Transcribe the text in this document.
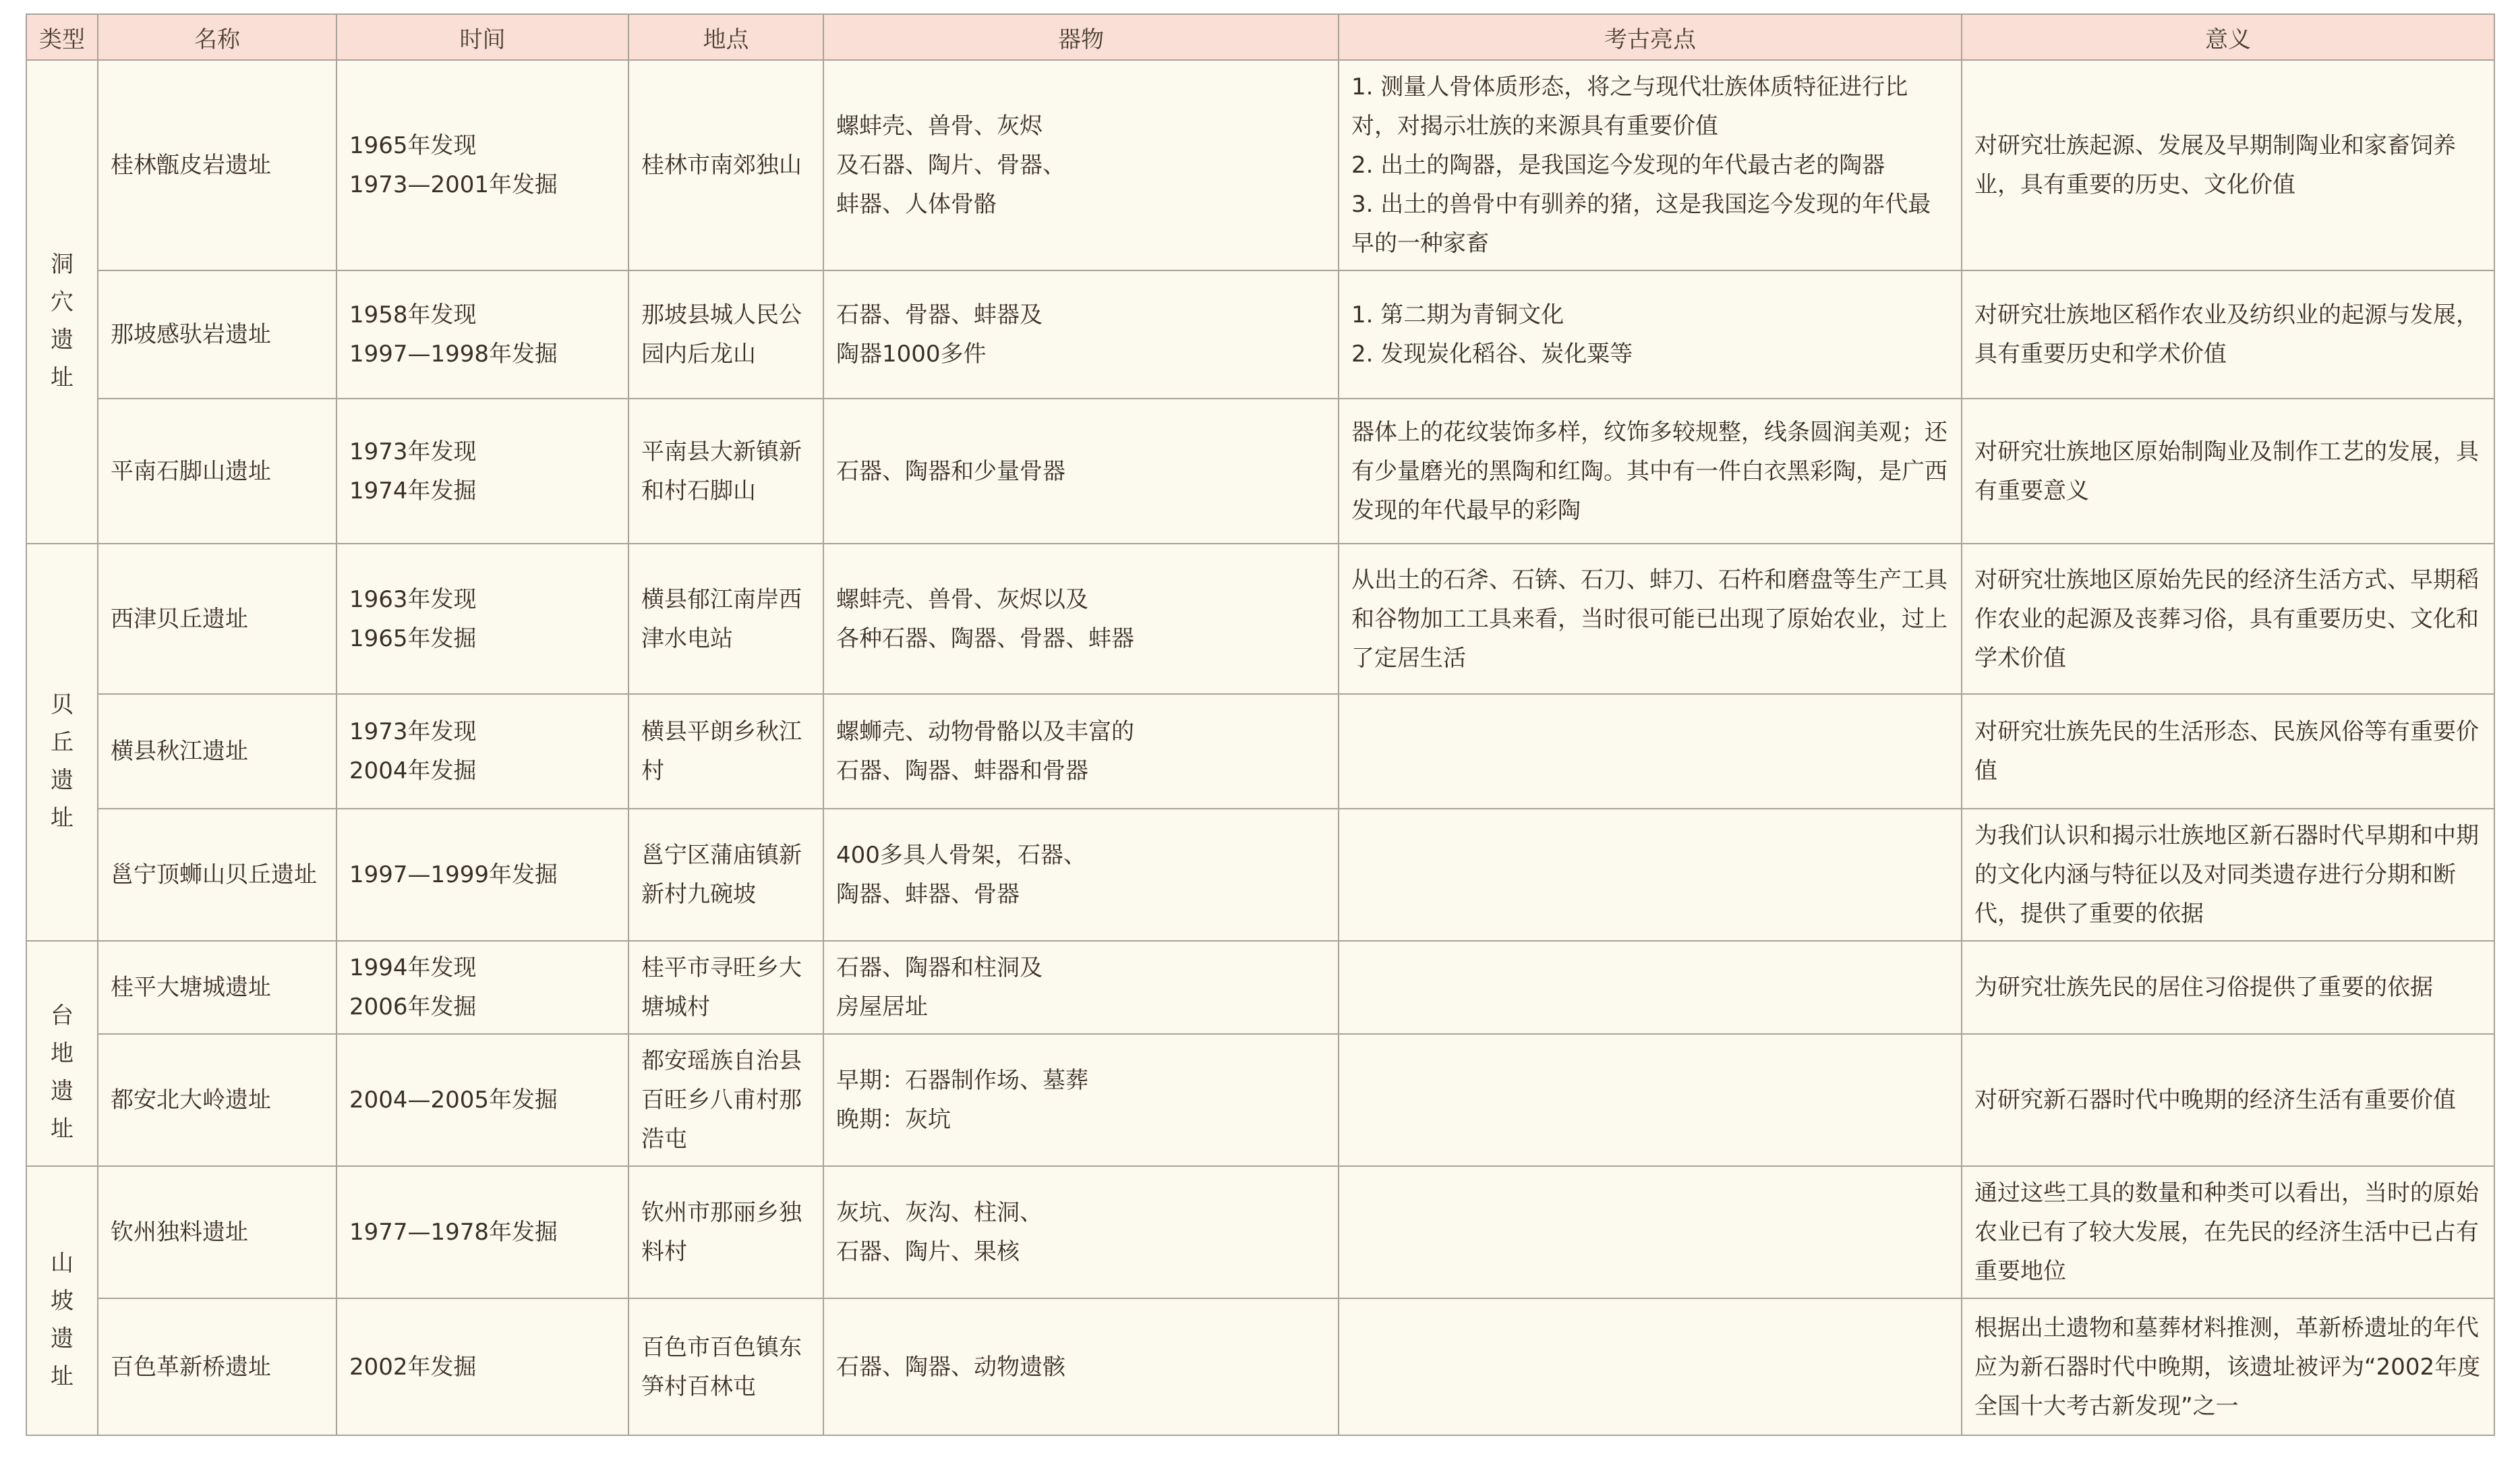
类型	名称	时间	地点	器物	考古亮点	意义

洞穴遗址	桂林甑皮岩遗址	1965年发现
1973—2001年发掘	桂林市南郊独山	螺蚌壳、兽骨、灰烬
及石器、陶片、骨器、
蚌器、人体骨骼	1. 测量人骨体质形态，将之与现代壮族体质特征进行比对，对揭示壮族的来源具有重要价值
2. 出土的陶器，是我国迄今发现的年代最古老的陶器
3. 出土的兽骨中有驯养的猪，这是我国迄今发现的年代最早的一种家畜	对研究壮族起源、发展及早期制陶业和家畜饲养业，具有重要的历史、文化价值
	那坡感驮岩遗址	1958年发现
1997—1998年发掘	那坡县城人民公园内后龙山	石器、骨器、蚌器及
陶器1000多件	1. 第二期为青铜文化
2. 发现炭化稻谷、炭化粟等	对研究壮族地区稻作农业及纺织业的起源与发展，具有重要历史和学术价值
	平南石脚山遗址	1973年发现
1974年发掘	平南县大新镇新和村石脚山	石器、陶器和少量骨器	器体上的花纹装饰多样，纹饰多较规整，线条圆润美观；还有少量磨光的黑陶和红陶。其中有一件白衣黑彩陶，是广西发现的年代最早的彩陶	对研究壮族地区原始制陶业及制作工艺的发展，具有重要意义

贝丘遗址	西津贝丘遗址	1963年发现
1965年发掘	横县郁江南岸西津水电站	螺蚌壳、兽骨、灰烬以及
各种石器、陶器、骨器、蚌器	从出土的石斧、石锛、石刀、蚌刀、石杵和磨盘等生产工具和谷物加工工具来看，当时很可能已出现了原始农业，过上了定居生活	对研究壮族地区原始先民的经济生活方式、早期稻作农业的起源及丧葬习俗，具有重要历史、文化和学术价值
	横县秋江遗址	1973年发现
2004年发掘	横县平朗乡秋江村	螺蛳壳、动物骨骼以及丰富的
石器、陶器、蚌器和骨器		对研究壮族先民的生活形态、民族风俗等有重要价值
	邕宁顶蛳山贝丘遗址	1997—1999年发掘	邕宁区蒲庙镇新新村九碗坡	400多具人骨架，石器、
陶器、蚌器、骨器		为我们认识和揭示壮族地区新石器时代早期和中期的文化内涵与特征以及对同类遗存进行分期和断代，提供了重要的依据

台地遗址	桂平大塘城遗址	1994年发现
2006年发掘	桂平市寻旺乡大塘城村	石器、陶器和柱洞及
房屋居址		为研究壮族先民的居住习俗提供了重要的依据
	都安北大岭遗址	2004—2005年发掘	都安瑶族自治县百旺乡八甫村那浩屯	早期：石器制作场、墓葬
晚期：灰坑		对研究新石器时代中晚期的经济生活有重要价值

山坡遗址	钦州独料遗址	1977—1978年发掘	钦州市那丽乡独料村	灰坑、灰沟、柱洞、
石器、陶片、果核		通过这些工具的数量和种类可以看出，当时的原始农业已有了较大发展，在先民的经济生活中已占有重要地位
	百色革新桥遗址	2002年发掘	百色市百色镇东笋村百林屯	石器、陶器、动物遗骸		根据出土遗物和墓葬材料推测，革新桥遗址的年代应为新石器时代中晚期，该遗址被评为“2002年度全国十大考古新发现”之一
